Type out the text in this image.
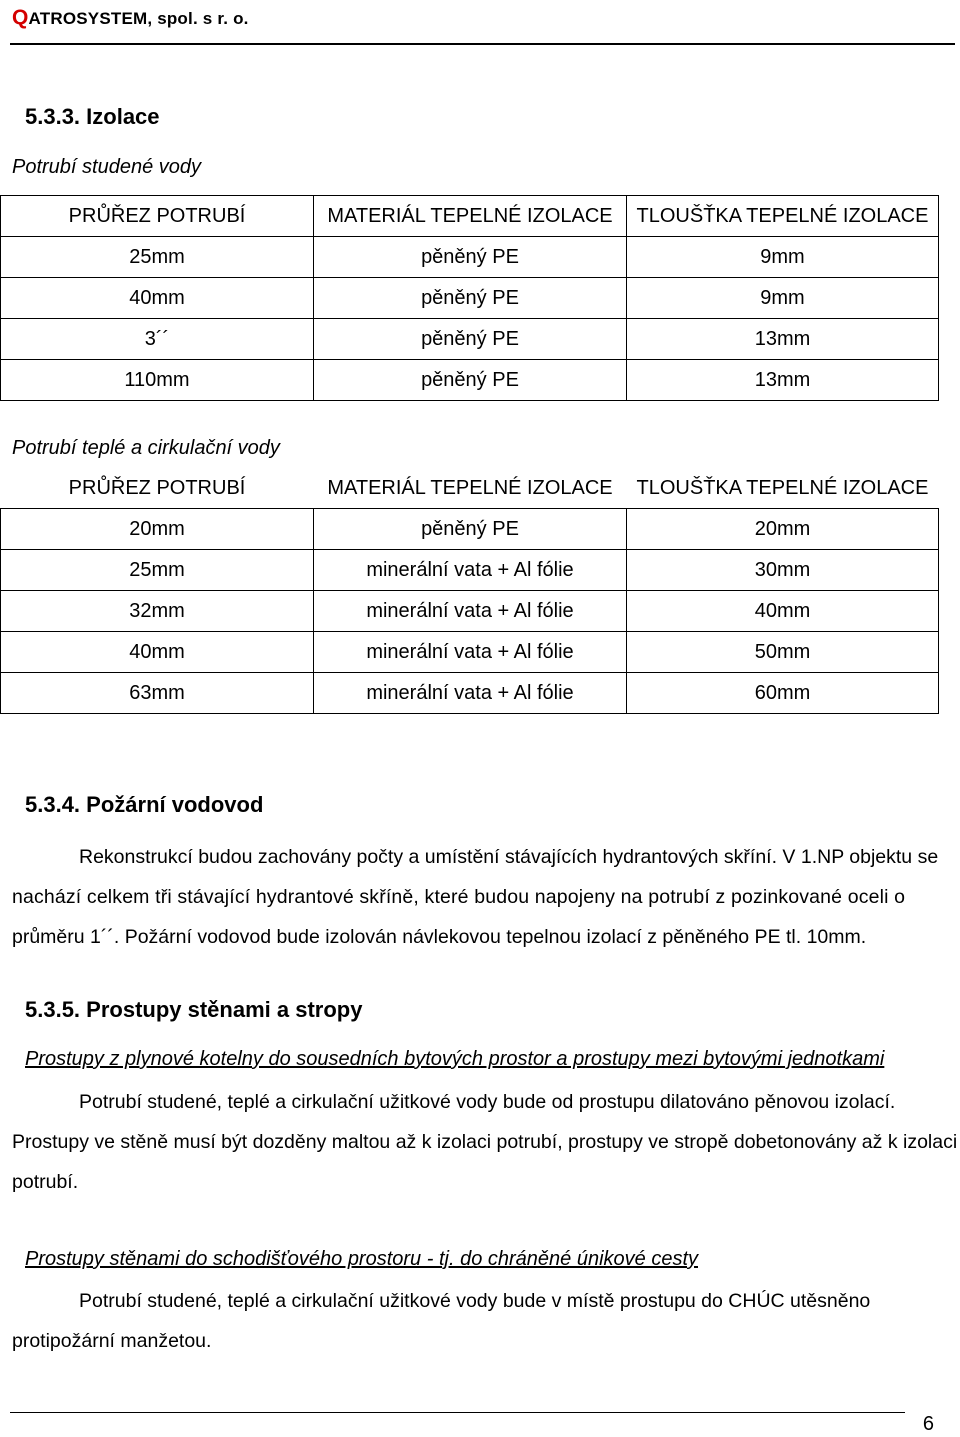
QATROSYSTEM, spol. s r. o.
5.3.3. Izolace
Potrubí studené vody
PRŮŘEZ POTRUBÍ	MATERIÁL TEPELNÉ IZOLACE	TLOUŠŤKA TEPELNÉ IZOLACE
25mm	pěněný PE	9mm
40mm	pěněný PE	9mm
3´´	pěněný PE	13mm
110mm	pěněný PE	13mm
Potrubí teplé a cirkulační vody
PRŮŘEZ POTRUBÍ	MATERIÁL TEPELNÉ IZOLACE	TLOUŠŤKA TEPELNÉ IZOLACE
20mm	pěněný PE	20mm
25mm	minerální vata + Al fólie	30mm
32mm	minerální vata + Al fólie	40mm
40mm	minerální vata + Al fólie	50mm
63mm	minerální vata + Al fólie	60mm
5.3.4. Požární vodovod
Rekonstrukcí budou zachovány počty a umístění stávajících hydrantových skříní. V 1.NP objektu se
nachází celkem tři stávající hydrantové skříně, které budou napojeny na potrubí z pozinkované oceli o
průměru 1´´. Požární vodovod bude izolován návlekovou tepelnou izolací z pěněného PE tl. 10mm.
5.3.5. Prostupy stěnami a stropy
Prostupy z plynové kotelny do sousedních bytových prostor a prostupy mezi bytovými jednotkami
Potrubí studené, teplé a cirkulační užitkové vody bude od prostupu dilatováno pěnovou izolací.
Prostupy ve stěně musí být dozděny maltou až k izolaci potrubí, prostupy ve stropě dobetonovány až k izolaci
potrubí.
Prostupy stěnami do schodišťového prostoru - tj. do chráněné únikové cesty
Potrubí studené, teplé a cirkulační užitkové vody bude v místě prostupu do CHÚC utěsněno
protipožární manžetou.
6
